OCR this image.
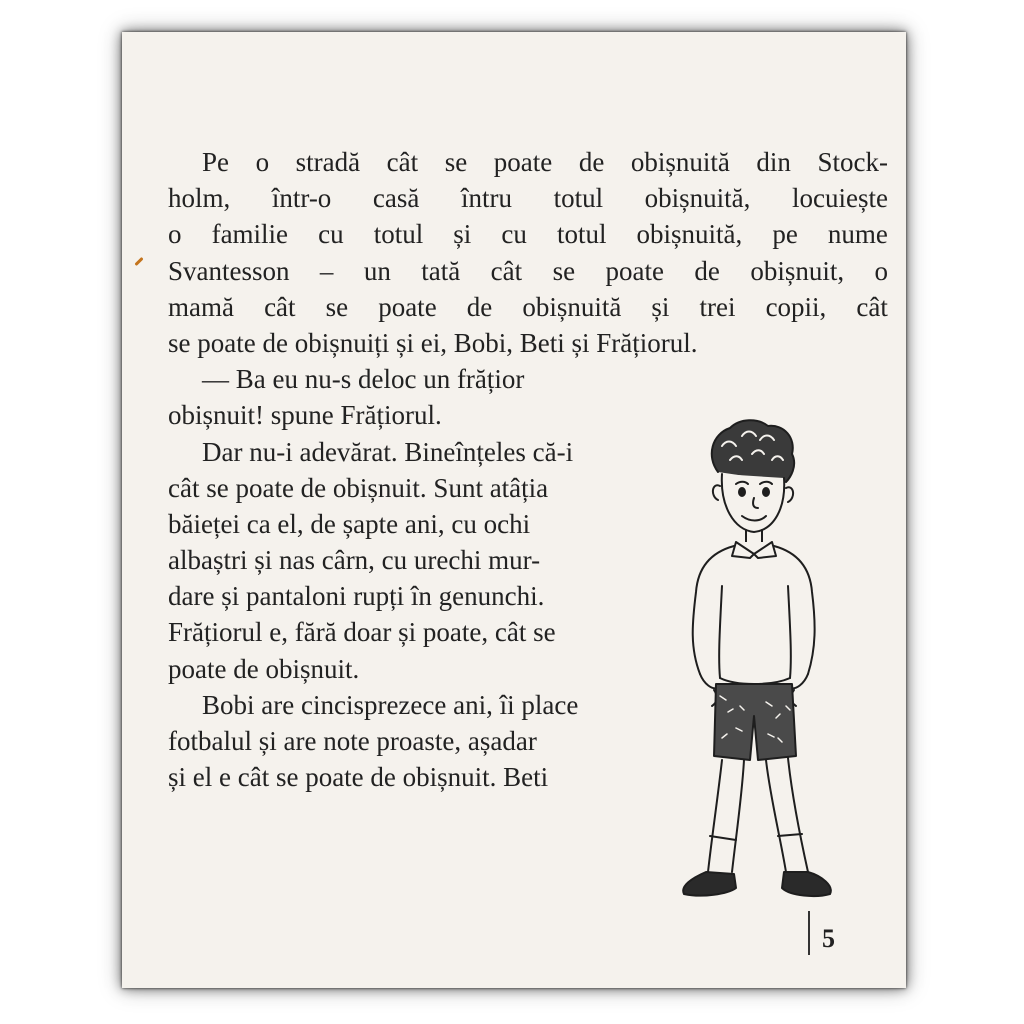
Pe o stradă cât se poate de obișnuită din Stock-
holm, într-o casă întru totul obișnuită, locuiește
o familie cu totul și cu totul obișnuită, pe nume
Svantesson – un tată cât se poate de obișnuit, o
mamă cât se poate de obișnuită și trei copii, cât
se poate de obișnuiți și ei, Bobi, Beti și Frățiorul.
— Ba eu nu-s deloc un frățior
obișnuit! spune Frățiorul.
Dar nu-i adevărat. Bineînțeles că-i
cât se poate de obișnuit. Sunt atâția
băieței ca el, de șapte ani, cu ochi
albaștri și nas cârn, cu urechi mur-
dare și pantaloni rupți în genunchi.
Frățiorul e, fără doar și poate, cât se
poate de obișnuit.
Bobi are cincisprezece ani, îi place
fotbalul și are note proaste, așadar
și el e cât se poate de obișnuit. Beti
5
